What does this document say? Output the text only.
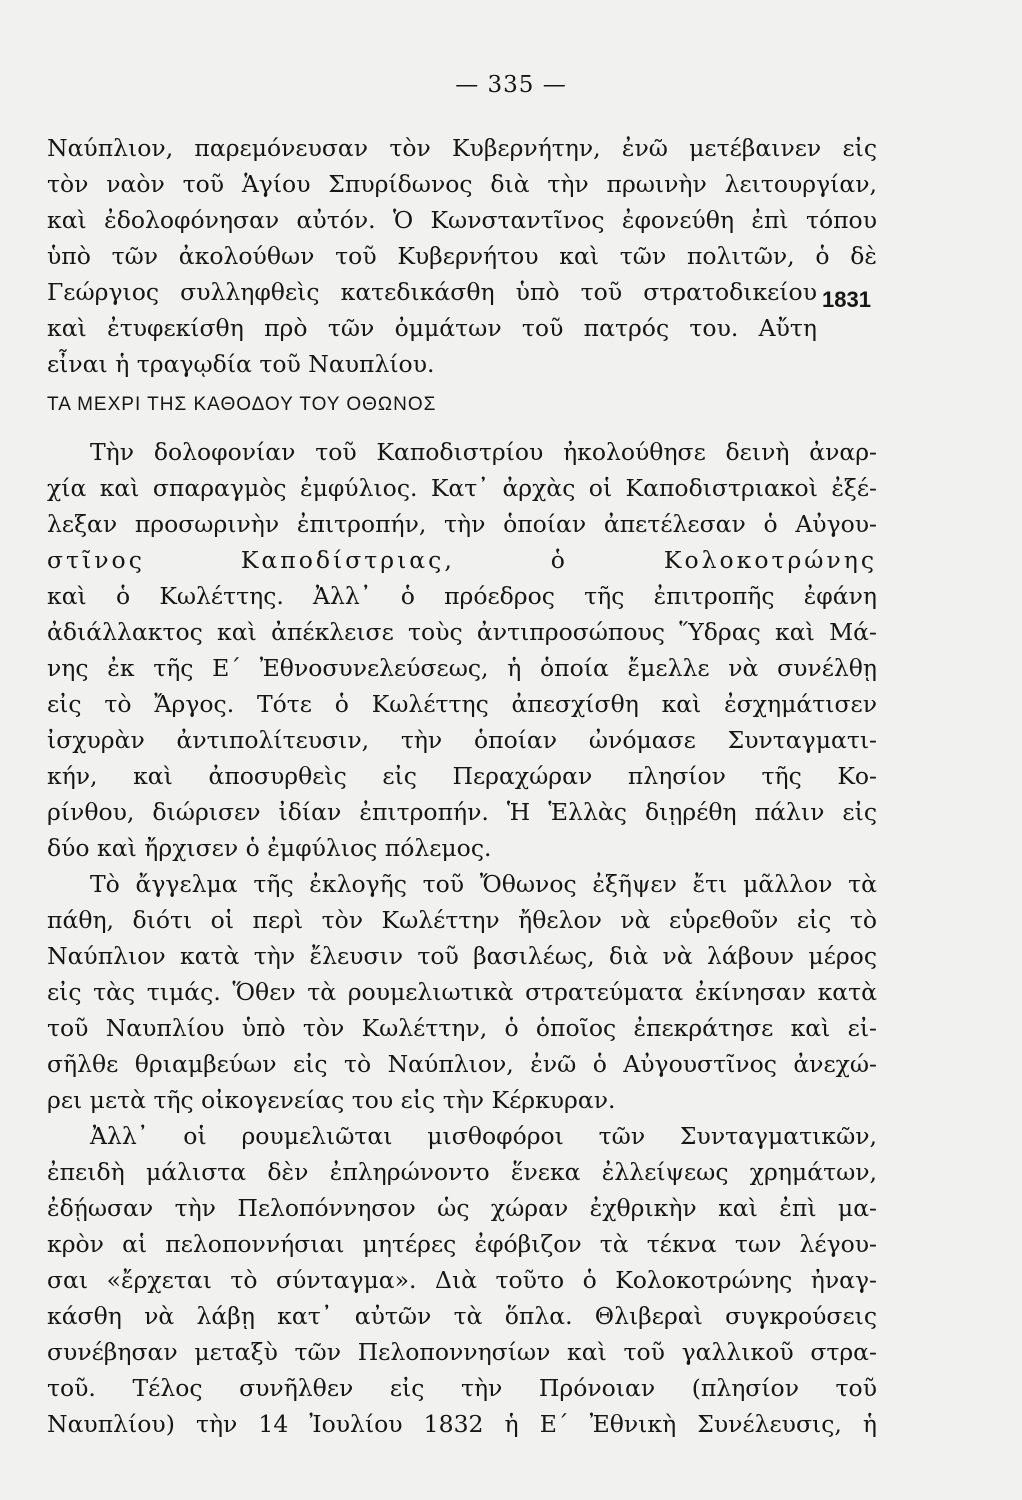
— 335 —
1831
Ναύπλιον, παρεμόνευσαν τὸν Κυβερνήτην, ἐνῶ μετέβαινεν εἰς
τὸν ναὸν τοῦ Ἁγίου Σπυρίδωνος διὰ τὴν πρωινὴν λειτουργίαν,
καὶ ἐδολοφόνησαν αὐτόν. Ὁ Κωνσταντῖνος ἐφονεύθη ἐπὶ τόπου
ὑπὸ τῶν ἀκολούθων τοῦ Κυβερνήτου καὶ τῶν πολιτῶν, ὁ δὲ
Γεώργιος συλληφθεὶς κατεδικάσθη ὑπὸ τοῦ στρατοδικείου
καὶ ἐτυφεκίσθη πρὸ τῶν ὀμμάτων τοῦ πατρός του. Αὔτη
εἶναι ἡ τραγῳδία τοῦ Ναυπλίου.
ΤΑ ΜΕΧΡΙ ΤΗΣ ΚΑΘΟΔΟΥ ΤΟΥ ΟΘΩΝΟΣ
Τὴν δολοφονίαν τοῦ Καποδιστρίου ἠκολούθησε δεινὴ ἀναρ-
χία καὶ σπαραγμὸς ἐμφύλιος. Κατ᾽ ἀρχὰς οἱ Καποδιστριακοὶ ἐξέ-
λεξαν προσωρινὴν ἐπιτροπήν, τὴν ὁποίαν ἀπετέλεσαν ὁ Αὐγου-
στῖνος Καποδίστριας, ὁ Κολοκοτρώνης
καὶ ὁ Κωλέττης. Ἀλλ᾽ ὁ πρόεδρος τῆς ἐπιτροπῆς ἐφάνη
ἀδιάλλακτος καὶ ἀπέκλεισε τοὺς ἀντιπροσώπους Ὕδρας καὶ Μά-
νης ἐκ τῆς Ε΄ Ἐθνοσυνελεύσεως, ἡ ὁποία ἔμελλε νὰ συνέλθῃ
εἰς τὸ Ἄργος. Τότε ὁ Κωλέττης ἀπεσχίσθη καὶ ἐσχημάτισεν
ἰσχυρὰν ἀντιπολίτευσιν, τὴν ὁποίαν ὠνόμασε Συνταγματι-
κήν, καὶ ἀποσυρθεὶς εἰς Περαχώραν πλησίον τῆς Κο-
ρίνθου, διώρισεν ἰδίαν ἐπιτροπήν. Ἡ Ἑλλὰς διῃρέθη πάλιν εἰς
δύο καὶ ἤρχισεν ὁ ἐμφύλιος πόλεμος.
Τὸ ἄγγελμα τῆς ἐκλογῆς τοῦ Ὄθωνος ἐξῆψεν ἔτι μᾶλλον τὰ
πάθη, διότι οἱ περὶ τὸν Κωλέττην ἤθελον νὰ εὑρεθοῦν εἰς τὸ
Ναύπλιον κατὰ τὴν ἔλευσιν τοῦ βασιλέως, διὰ νὰ λάβουν μέρος
εἰς τὰς τιμάς. Ὅθεν τὰ ρουμελιωτικὰ στρατεύματα ἐκίνησαν κατὰ
τοῦ Ναυπλίου ὑπὸ τὸν Κωλέττην, ὁ ὁποῖος ἐπεκράτησε καὶ εἰ-
σῆλθε θριαμβεύων εἰς τὸ Ναύπλιον, ἐνῶ ὁ Αὐγουστῖνος ἀνεχώ-
ρει μετὰ τῆς οἰκογενείας του εἰς τὴν Κέρκυραν.
Ἀλλ᾽ οἱ ρουμελιῶται μισθοφόροι τῶν Συνταγματικῶν,
ἐπειδὴ μάλιστα δὲν ἐπληρώνοντο ἕνεκα ἐλλείψεως χρημάτων,
ἐδῄωσαν τὴν Πελοπόννησον ὡς χώραν ἐχθρικὴν καὶ ἐπὶ μα-
κρὸν αἱ πελοποννήσιαι μητέρες ἐφόβιζον τὰ τέκνα των λέγου-
σαι «ἔρχεται τὸ σύνταγμα». Διὰ τοῦτο ὁ Κολοκοτρώνης ἠναγ-
κάσθη νὰ λάβῃ κατ᾽ αὐτῶν τὰ ὅπλα. Θλιβεραὶ συγκρούσεις
συνέβησαν μεταξὺ τῶν Πελοποννησίων καὶ τοῦ γαλλικοῦ στρα-
τοῦ. Τέλος συνῆλθεν εἰς τὴν Πρόνοιαν (πλησίον τοῦ
Ναυπλίου) τὴν 14 Ἰουλίου 1832 ἡ Ε΄ Ἐθνικὴ Συνέλευσις, ἡ
